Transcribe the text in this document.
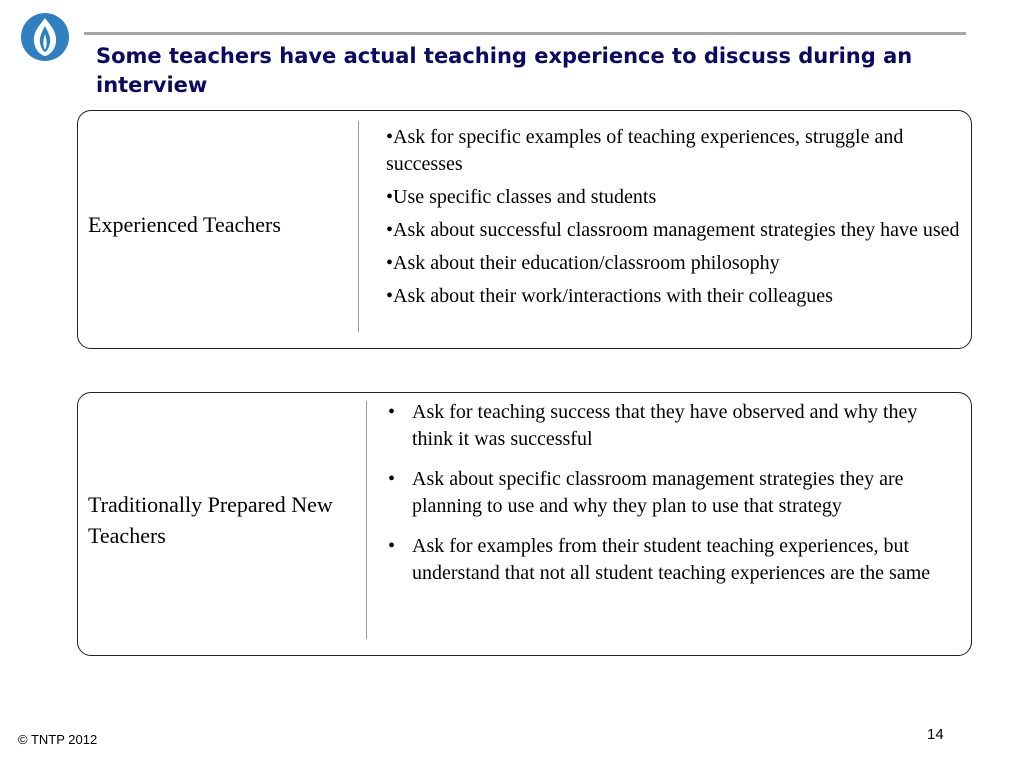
Some teachers have actual teaching experience to discuss during an interview
Experienced Teachers
•Ask for specific examples of teaching experiences, struggle and successes
•Use specific classes and students
•Ask about successful classroom management strategies they have used
•Ask about their education/classroom philosophy
•Ask about their work/interactions with their colleagues
Traditionally Prepared New Teachers
• Ask for teaching success that they have observed and why they think it was successful
• Ask about specific classroom management strategies they are planning to use and why they plan to use that strategy
• Ask for examples from their student teaching experiences, but understand that not all student teaching experiences are the same
© TNTP 2012	14
